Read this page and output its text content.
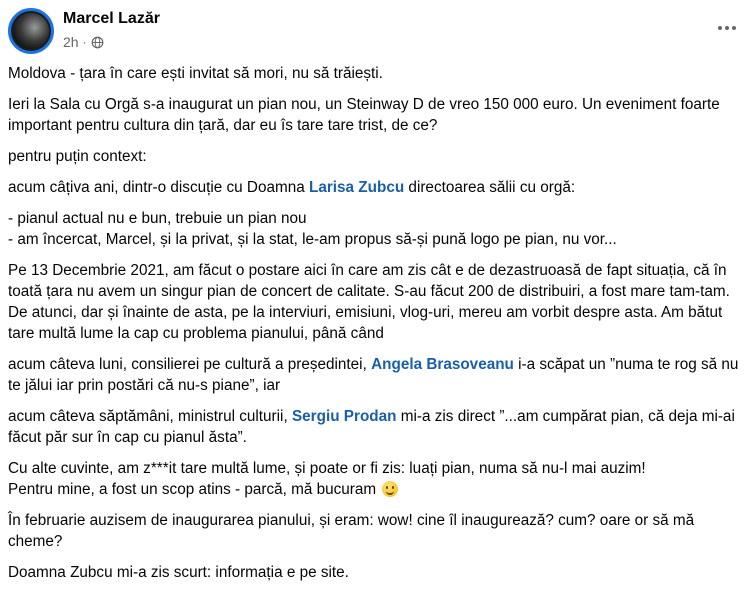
Marcel Lazăr
2h ·

Moldova - țara în care ești invitat să mori, nu să trăiești.

Ieri la Sala cu Orgă s-a inaugurat un pian nou, un Steinway D de vreo 150 000 euro. Un eveniment foarte important pentru cultura din țară, dar eu îs tare tare trist, de ce?

pentru puțin context:

acum câțiva ani, dintr-o discuție cu Doamna Larisa Zubcu directoarea sălii cu orgă:

- pianul actual nu e bun, trebuie un pian nou
- am încercat, Marcel, și la privat, și la stat, le-am propus să-și pună logo pe pian, nu vor...

Pe 13 Decembrie 2021, am făcut o postare aici în care am zis cât e de dezastruoasă de fapt situația, că în toată țara nu avem un singur pian de concert de calitate. S-au făcut 200 de distribuiri, a fost mare tam-tam. De atunci, dar și înainte de asta, pe la interviuri, emisiuni, vlog-uri, mereu am vorbit despre asta. Am bătut tare multă lume la cap cu problema pianului, până când

acum câteva luni, consilierei pe cultură a președintei, Angela Brasoveanu i-a scăpat un ”numa te rog să nu te jălui iar prin postări că nu-s piane”, iar

acum câteva săptămâni, ministrul culturii, Sergiu Prodan mi-a zis direct ”...am cumpărat pian, că deja mi-ai făcut păr sur în cap cu pianul ăsta”.

Cu alte cuvinte, am z***it tare multă lume, și poate or fi zis: luați pian, numa să nu-l mai auzim!
Pentru mine, a fost un scop atins - parcă, mă bucuram

În februarie auzisem de inaugurarea pianului, și eram: wow! cine îl inaugurează? cum? oare or să mă cheme?

Doamna Zubcu mi-a zis scurt: informația e pe site.
